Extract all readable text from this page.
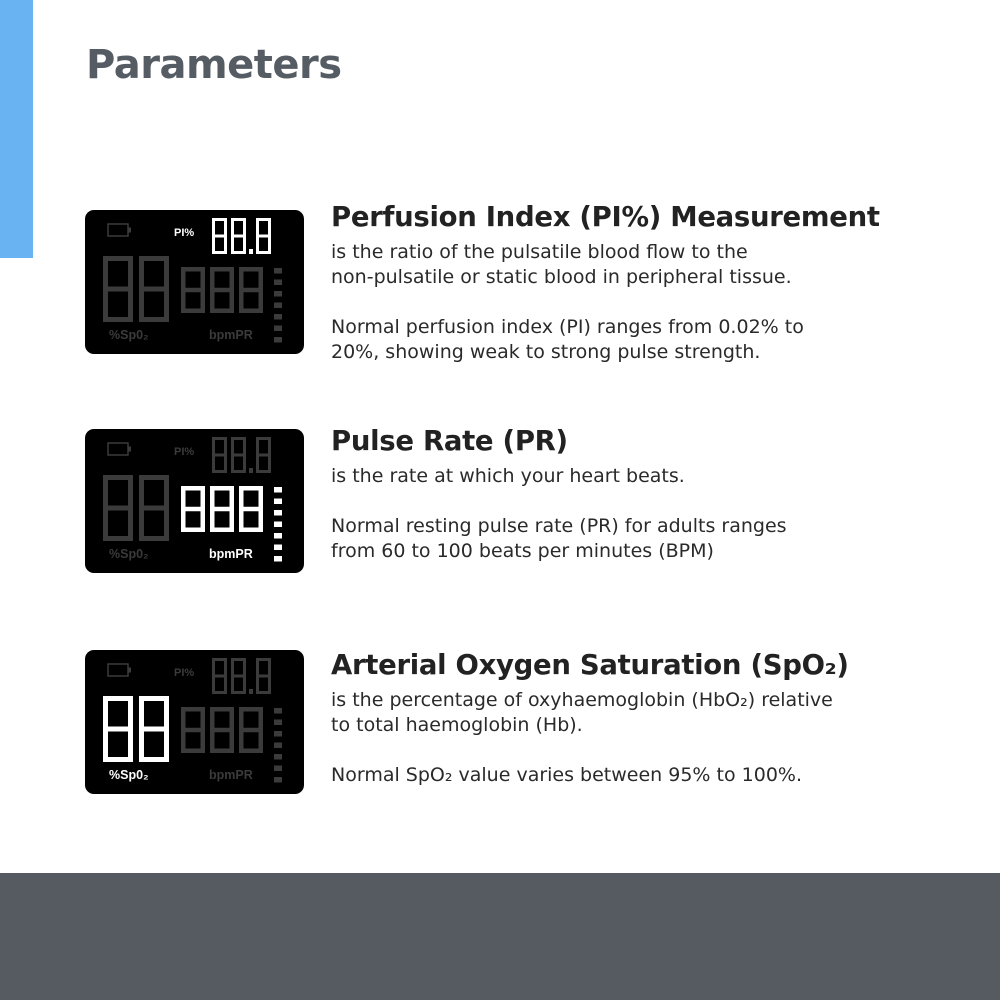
Parameters
PI%
%Sp0₂	bpmPR
Perfusion Index (PI%) Measurement

is the ratio of the pulsatile blood flow to the
non-pulsatile or static blood in peripheral tissue.

Normal perfusion index (PI) ranges from 0.02% to
20%, showing weak to strong pulse strength.

PI%
%Sp0₂	bpmPR
Pulse Rate (PR)

is the rate at which your heart beats.

Normal resting pulse rate (PR) for adults ranges
from 60 to 100 beats per minutes (BPM)

PI%
%Sp0₂	bpmPR
Arterial Oxygen Saturation (SpO₂)

is the percentage of oxyhaemoglobin (HbO₂) relative
to total haemoglobin (Hb).

Normal SpO₂ value varies between 95% to 100%.
